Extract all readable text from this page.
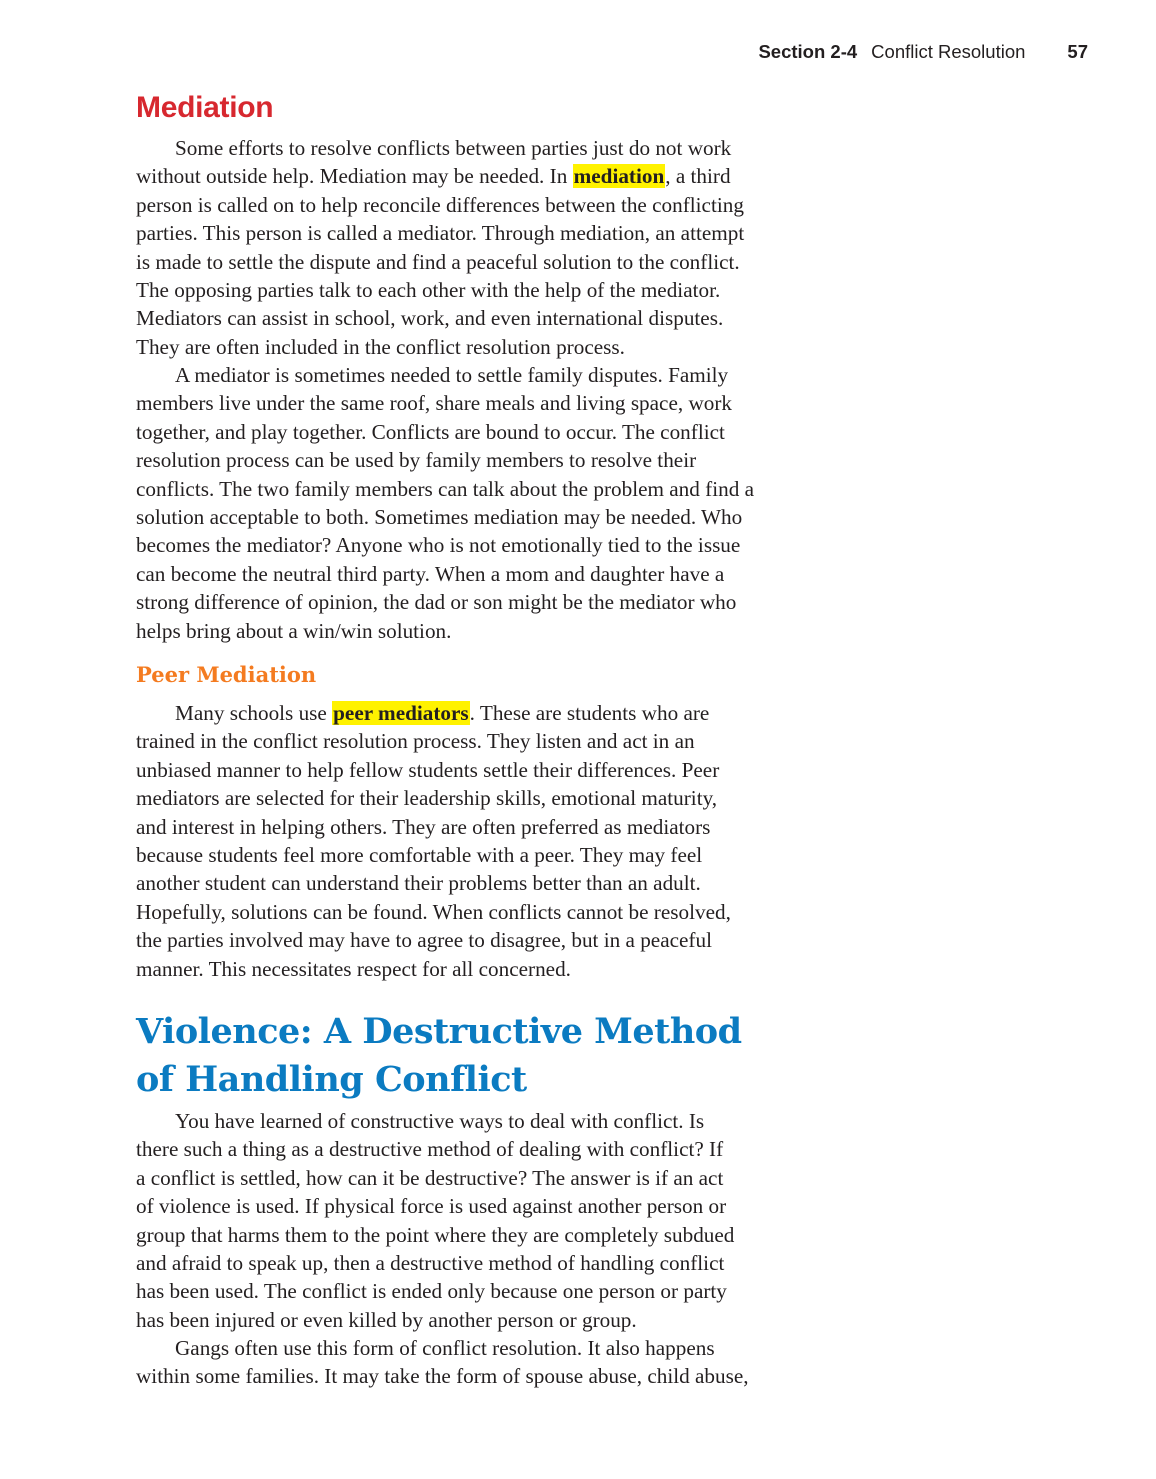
Section 2-4 Conflict Resolution 57
Mediation
Some efforts to resolve conflicts between parties just do not work
without outside help. Mediation may be needed. In mediation, a third
person is called on to help reconcile differences between the conflicting
parties. This person is called a mediator. Through mediation, an attempt
is made to settle the dispute and find a peaceful solution to the conflict.
The opposing parties talk to each other with the help of the mediator.
Mediators can assist in school, work, and even international disputes.
They are often included in the conflict resolution process.
A mediator is sometimes needed to settle family disputes. Family
members live under the same roof, share meals and living space, work
together, and play together. Conflicts are bound to occur. The conflict
resolution process can be used by family members to resolve their
conflicts. The two family members can talk about the problem and find a
solution acceptable to both. Sometimes mediation may be needed. Who
becomes the mediator? Anyone who is not emotionally tied to the issue
can become the neutral third party. When a mom and daughter have a
strong difference of opinion, the dad or son might be the mediator who
helps bring about a win/win solution.
Peer Mediation
Many schools use peer mediators. These are students who are
trained in the conflict resolution process. They listen and act in an
unbiased manner to help fellow students settle their differences. Peer
mediators are selected for their leadership skills, emotional maturity,
and interest in helping others. They are often preferred as mediators
because students feel more comfortable with a peer. They may feel
another student can understand their problems better than an adult.
Hopefully, solutions can be found. When conflicts cannot be resolved,
the parties involved may have to agree to disagree, but in a peaceful
manner. This necessitates respect for all concerned.
Violence: A Destructive Method
of Handling Conflict
You have learned of constructive ways to deal with conflict. Is
there such a thing as a destructive method of dealing with conflict? If
a conflict is settled, how can it be destructive? The answer is if an act
of violence is used. If physical force is used against another person or
group that harms them to the point where they are completely subdued
and afraid to speak up, then a destructive method of handling conflict
has been used. The conflict is ended only because one person or party
has been injured or even killed by another person or group.
Gangs often use this form of conflict resolution. It also happens
within some families. It may take the form of spouse abuse, child abuse,
